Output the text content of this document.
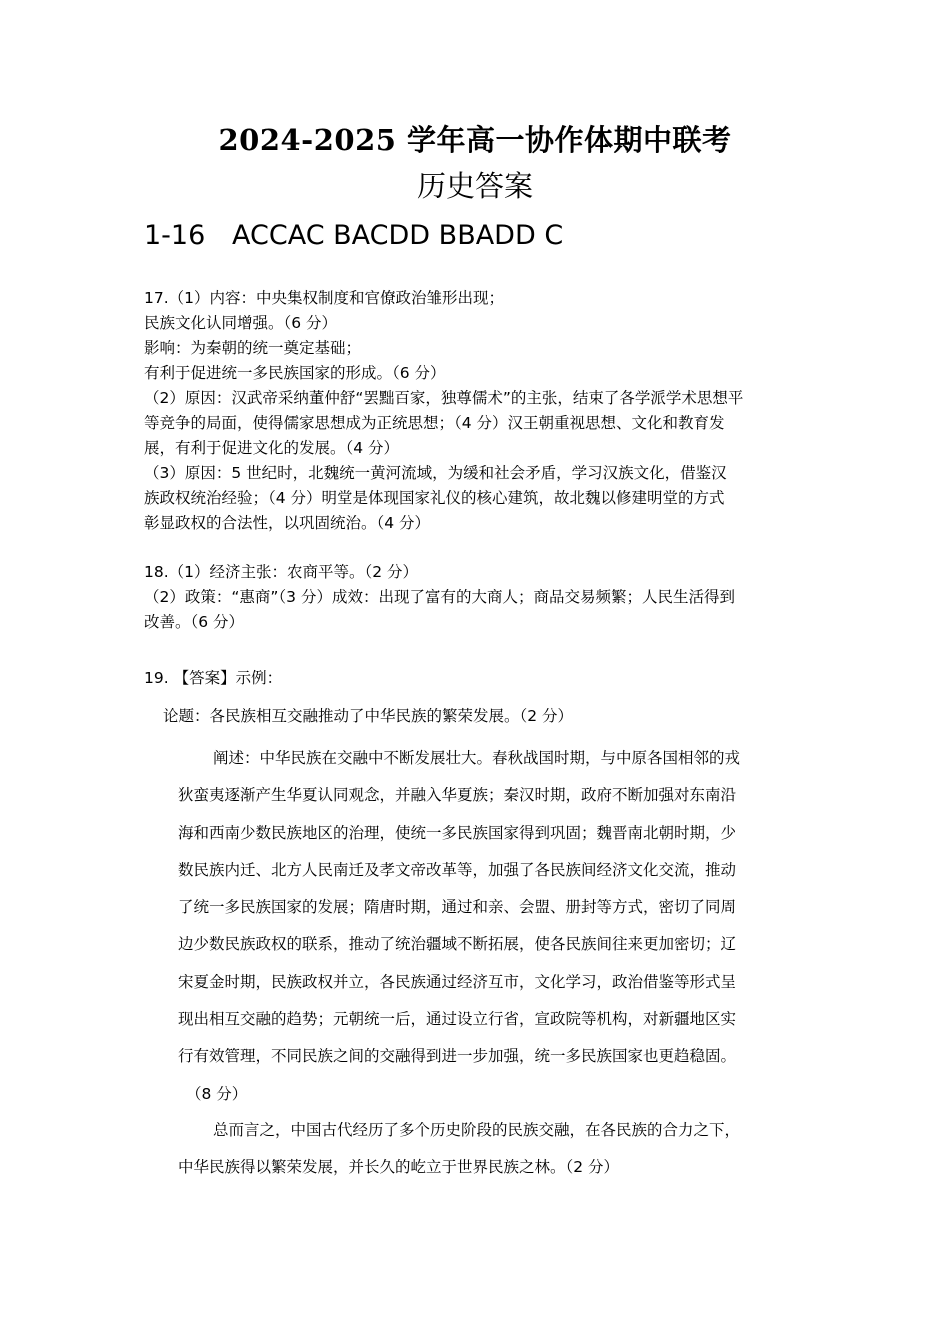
2024-2025 学年高一协作体期中联考
历史答案
1-16 ACCAC BACDD BBADD C

17.（1）内容：中央集权制度和官僚政治雏形出现；

民族文化认同增强。（6 分）

影响：为秦朝的统一奠定基础；

有利于促进统一多民族国家的形成。（6 分）

（2）原因：汉武帝采纳董仲舒“罢黜百家，独尊儒术”的主张，结束了各学派学术思想平

等竞争的局面，使得儒家思想成为正统思想；（4 分）汉王朝重视思想、文化和教育发

展，有利于促进文化的发展。（4 分）

（3）原因：5 世纪时，北魏统一黄河流域，为缓和社会矛盾，学习汉族文化，借鉴汉

族政权统治经验；（4 分）明堂是体现国家礼仪的核心建筑，故北魏以修建明堂的方式

彰显政权的合法性，以巩固统治。（4 分）

18.（1）经济主张：农商平等。（2 分）

（2）政策：“惠商”（3 分）成效：出现了富有的大商人；商品交易频繁；人民生活得到

改善。（6 分）

19. 【答案】示例：

论题：各民族相互交融推动了中华民族的繁荣发展。（2 分）

阐述：中华民族在交融中不断发展壮大。春秋战国时期，与中原各国相邻的戎

狄蛮夷逐渐产生华夏认同观念，并融入华夏族；秦汉时期，政府不断加强对东南沿

海和西南少数民族地区的治理，使统一多民族国家得到巩固；魏晋南北朝时期，少

数民族内迁、北方人民南迁及孝文帝改革等，加强了各民族间经济文化交流，推动

了统一多民族国家的发展；隋唐时期，通过和亲、会盟、册封等方式，密切了同周

边少数民族政权的联系，推动了统治疆域不断拓展，使各民族间往来更加密切；辽

宋夏金时期，民族政权并立，各民族通过经济互市，文化学习，政治借鉴等形式呈

现出相互交融的趋势；元朝统一后，通过设立行省，宣政院等机构，对新疆地区实

行有效管理，不同民族之间的交融得到进一步加强，统一多民族国家也更趋稳固。

（8 分）

总而言之，中国古代经历了多个历史阶段的民族交融，在各民族的合力之下，

中华民族得以繁荣发展，并长久的屹立于世界民族之林。（2 分）
